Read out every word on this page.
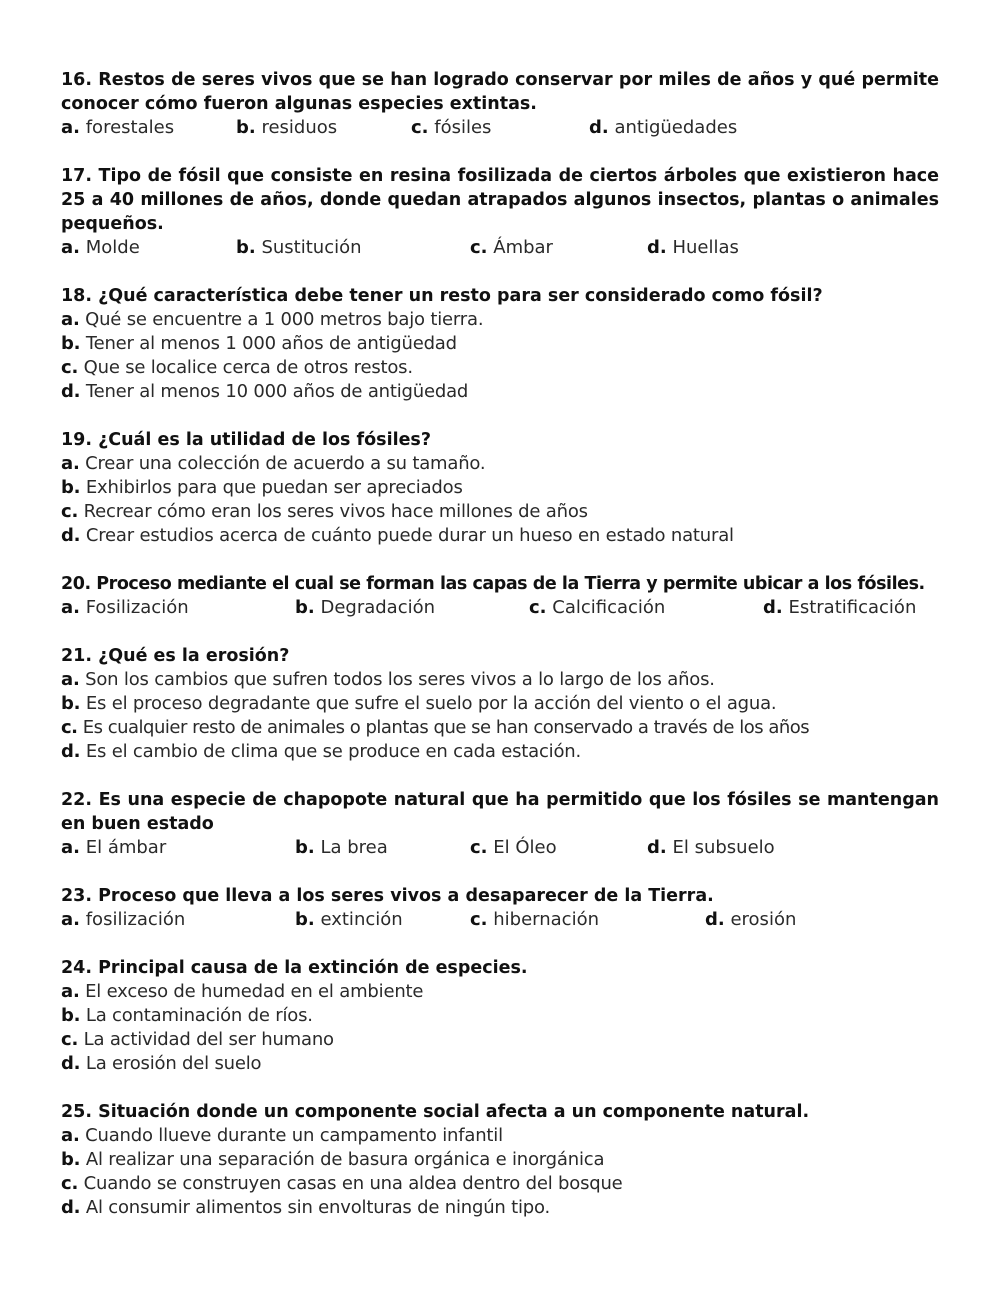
16. Restos de seres vivos que se han logrado conservar por miles de años y qué permite conocer cómo fueron algunas especies extintas.
a. forestales	b. residuos	c. fósiles	d. antigüedades
17. Tipo de fósil que consiste en resina fosilizada de ciertos árboles que existieron hace 25 a 40 millones de años, donde quedan atrapados algunos insectos, plantas o animales pequeños.
a. Molde	b. Sustitución	c. Ámbar	d. Huellas
18. ¿Qué característica debe tener un resto para ser considerado como fósil?
a. Qué se encuentre a 1 000 metros bajo tierra.
b. Tener al menos 1 000 años de antigüedad
c. Que se localice cerca de otros restos.
d. Tener al menos 10 000 años de antigüedad
19. ¿Cuál es la utilidad de los fósiles?
a. Crear una colección de acuerdo a su tamaño.
b. Exhibirlos para que puedan ser apreciados
c. Recrear cómo eran los seres vivos hace millones de años
d. Crear estudios acerca de cuánto puede durar un hueso en estado natural
20. Proceso mediante el cual se forman las capas de la Tierra y permite ubicar a los fósiles.
a. Fosilización	b. Degradación	c. Calcificación	d. Estratificación
21. ¿Qué es la erosión?
a. Son los cambios que sufren todos los seres vivos a lo largo de los años.
b. Es el proceso degradante que sufre el suelo por la acción del viento o el agua.
c. Es cualquier resto de animales o plantas que se han conservado a través de los años
d. Es el cambio de clima que se produce en cada estación.
22. Es una especie de chapopote natural que ha permitido que los fósiles se mantengan en buen estado
a. El ámbar	b. La brea	c. El Óleo	d. El subsuelo
23. Proceso que lleva a los seres vivos a desaparecer de la Tierra.
a. fosilización	b. extinción	c. hibernación	d. erosión
24. Principal causa de la extinción de especies.
a. El exceso de humedad en el ambiente
b. La contaminación de ríos.
c. La actividad del ser humano
d. La erosión del suelo
25. Situación donde un componente social afecta a un componente natural.
a. Cuando llueve durante un campamento infantil
b. Al realizar una separación de basura orgánica e inorgánica
c. Cuando se construyen casas en una aldea dentro del bosque
d. Al consumir alimentos sin envolturas de ningún tipo.
